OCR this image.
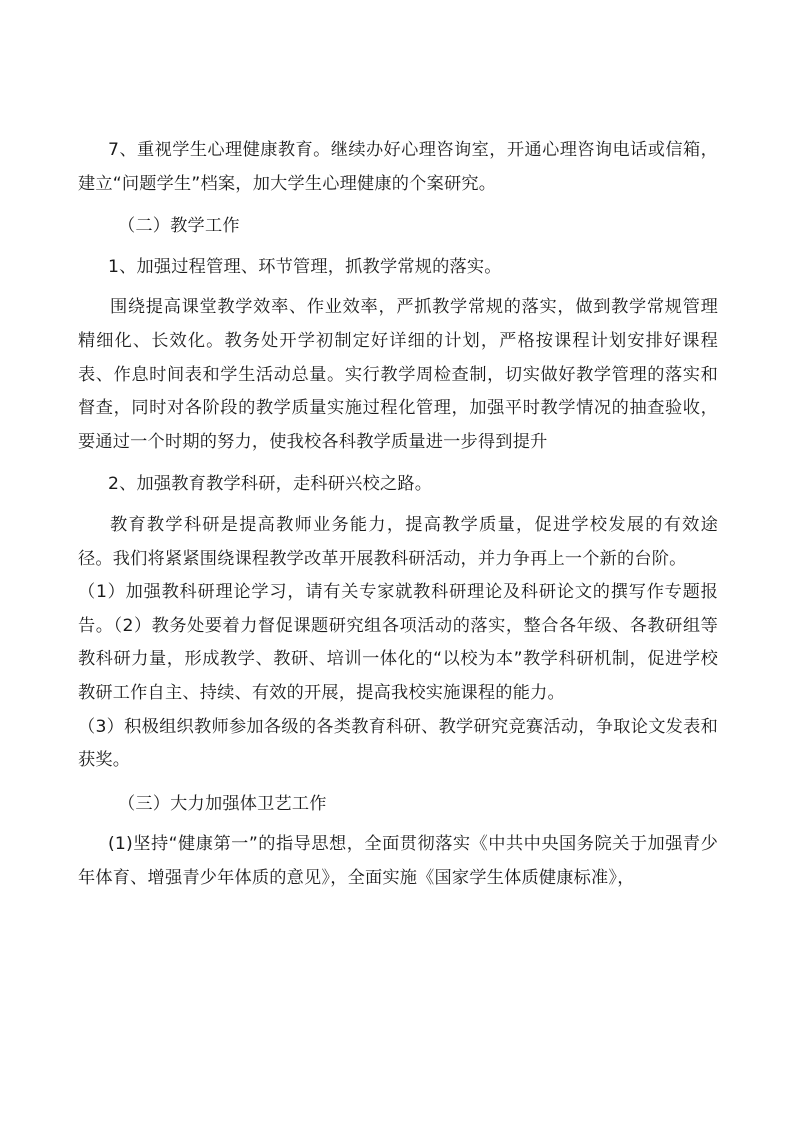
7、重视学生心理健康教育。继续办好心理咨询室，开通心理咨询电话或信箱，建立“问题学生”档案，加大学生心理健康的个案研究。

（二）教学工作

1、加强过程管理、环节管理，抓教学常规的落实。

围绕提高课堂教学效率、作业效率，严抓教学常规的落实，做到教学常规管理精细化、长效化。教务处开学初制定好详细的计划，严格按课程计划安排好课程表、作息时间表和学生活动总量。实行教学周检查制，切实做好教学管理的落实和督查，同时对各阶段的教学质量实施过程化管理，加强平时教学情况的抽查验收，要通过一个时期的努力，使我校各科教学质量进一步得到提升

2、加强教育教学科研，走科研兴校之路。

教育教学科研是提高教师业务能力，提高教学质量，促进学校发展的有效途径。我们将紧紧围绕课程教学改革开展教科研活动，并力争再上一个新的台阶。

（1）加强教科研理论学习，请有关专家就教科研理论及科研论文的撰写作专题报告。（2）教务处要着力督促课题研究组各项活动的落实，整合各年级、各教研组等教科研力量，形成教学、教研、培训一体化的“以校为本”教学科研机制，促进学校教研工作自主、持续、有效的开展，提高我校实施课程的能力。

（3）积极组织教师参加各级的各类教育科研、教学研究竞赛活动，争取论文发表和获奖。

（三）大力加强体卫艺工作

(1)坚持“健康第一”的指导思想，全面贯彻落实《中共中央国务院关于加强青少年体育、增强青少年体质的意见》，全面实施《国家学生体质健康标准》，
